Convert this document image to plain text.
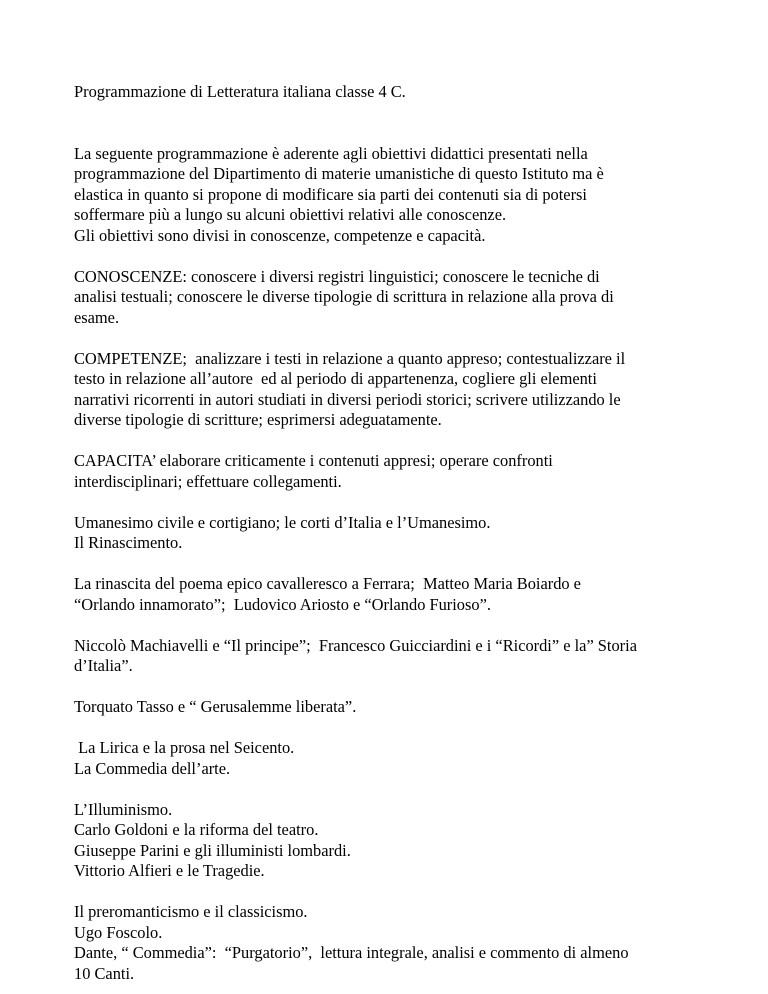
Programmazione di Letteratura italiana classe 4 C.
La seguente programmazione è aderente agli obiettivi didattici presentati nella
programmazione del Dipartimento di materie umanistiche di questo Istituto ma è
elastica in quanto si propone di modificare sia parti dei contenuti sia di potersi
soffermare più a lungo su alcuni obiettivi relativi alle conoscenze.
Gli obiettivi sono divisi in conoscenze, competenze e capacità.
CONOSCENZE: conoscere i diversi registri linguistici; conoscere le tecniche di
analisi testuali; conoscere le diverse tipologie di scrittura in relazione alla prova di
esame.
COMPETENZE;  analizzare i testi in relazione a quanto appreso; contestualizzare il
testo in relazione all’autore  ed al periodo di appartenenza, cogliere gli elementi
narrativi ricorrenti in autori studiati in diversi periodi storici; scrivere utilizzando le
diverse tipologie di scritture; esprimersi adeguatamente.
CAPACITA’ elaborare criticamente i contenuti appresi; operare confronti
interdisciplinari; effettuare collegamenti.
Umanesimo civile e cortigiano; le corti d’Italia e l’Umanesimo.
Il Rinascimento.
La rinascita del poema epico cavalleresco a Ferrara;  Matteo Maria Boiardo e
“Orlando innamorato”;  Ludovico Ariosto e “Orlando Furioso”.
Niccolò Machiavelli e “Il principe”;  Francesco Guicciardini e i “Ricordi” e la” Storia
d’Italia”.
Torquato Tasso e “ Gerusalemme liberata”.
La Lirica e la prosa nel Seicento.
La Commedia dell’arte.
L’Illuminismo.
Carlo Goldoni e la riforma del teatro.
Giuseppe Parini e gli illuministi lombardi.
Vittorio Alfieri e le Tragedie.
Il preromanticismo e il classicismo.
Ugo Foscolo.
Dante, “ Commedia”:  “Purgatorio”,  lettura integrale, analisi e commento di almeno
10 Canti.
